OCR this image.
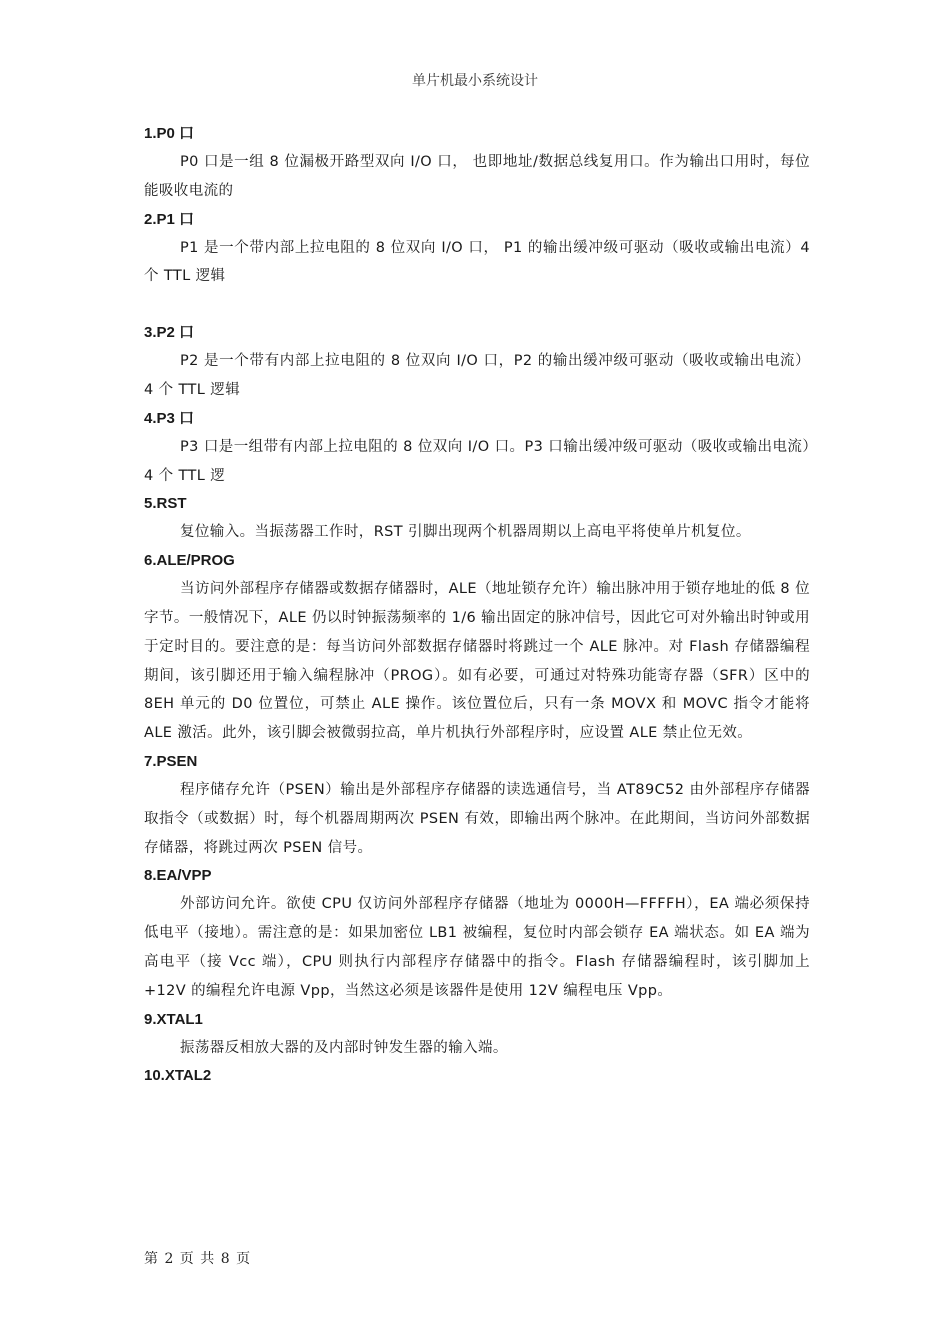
单片机最小系统设计
1.P0 口

P0 口是一组 8 位漏极开路型双向 I/O 口， 也即地址/数据总线复用口。作为输出口用时，每位能吸收电流的

2.P1 口

P1 是一个带内部上拉电阻的 8 位双向 I/O 口， P1 的输出缓冲级可驱动（吸收或输出电流）4 个 TTL 逻辑

3.P2 口

P2 是一个带有内部上拉电阻的 8 位双向 I/O 口，P2 的输出缓冲级可驱动（吸收或输出电流）4 个 TTL 逻辑

4.P3 口

P3 口是一组带有内部上拉电阻的 8 位双向 I/O 口。P3 口输出缓冲级可驱动（吸收或输出电流）4 个 TTL 逻

5.RST

复位输入。当振荡器工作时，RST 引脚出现两个机器周期以上高电平将使单片机复位。

6.ALE/PROG

当访问外部程序存储器或数据存储器时，ALE（地址锁存允许）输出脉冲用于锁存地址的低 8 位字节。一般情况下，ALE 仍以时钟振荡频率的 1/6 输出固定的脉冲信号，因此它可对外输出时钟或用于定时目的。要注意的是：每当访问外部数据存储器时将跳过一个 ALE 脉冲。对 Flash 存储器编程期间，该引脚还用于输入编程脉冲（PROG）。如有必要，可通过对特殊功能寄存器（SFR）区中的 8EH 单元的 D0 位置位，可禁止 ALE 操作。该位置位后，只有一条 MOVX 和 MOVC 指令才能将 ALE 激活。此外，该引脚会被微弱拉高，单片机执行外部程序时，应设置 ALE 禁止位无效。

7.PSEN

程序储存允许（PSEN）输出是外部程序存储器的读选通信号，当 AT89C52 由外部程序存储器取指令（或数据）时，每个机器周期两次 PSEN 有效，即输出两个脉冲。在此期间，当访问外部数据存储器，将跳过两次 PSEN 信号。

8.EA/VPP

外部访问允许。欲使 CPU 仅访问外部程序存储器（地址为 0000H—FFFFH），EA 端必须保持低电平（接地）。需注意的是：如果加密位 LB1 被编程，复位时内部会锁存 EA 端状态。如 EA 端为高电平（接 Vcc 端），CPU 则执行内部程序存储器中的指令。Flash 存储器编程时，该引脚加上+12V 的编程允许电源 Vpp，当然这必须是该器件是使用 12V 编程电压 Vpp。

9.XTAL1

振荡器反相放大器的及内部时钟发生器的输入端。

10.XTAL2
第 2 页 共 8 页
